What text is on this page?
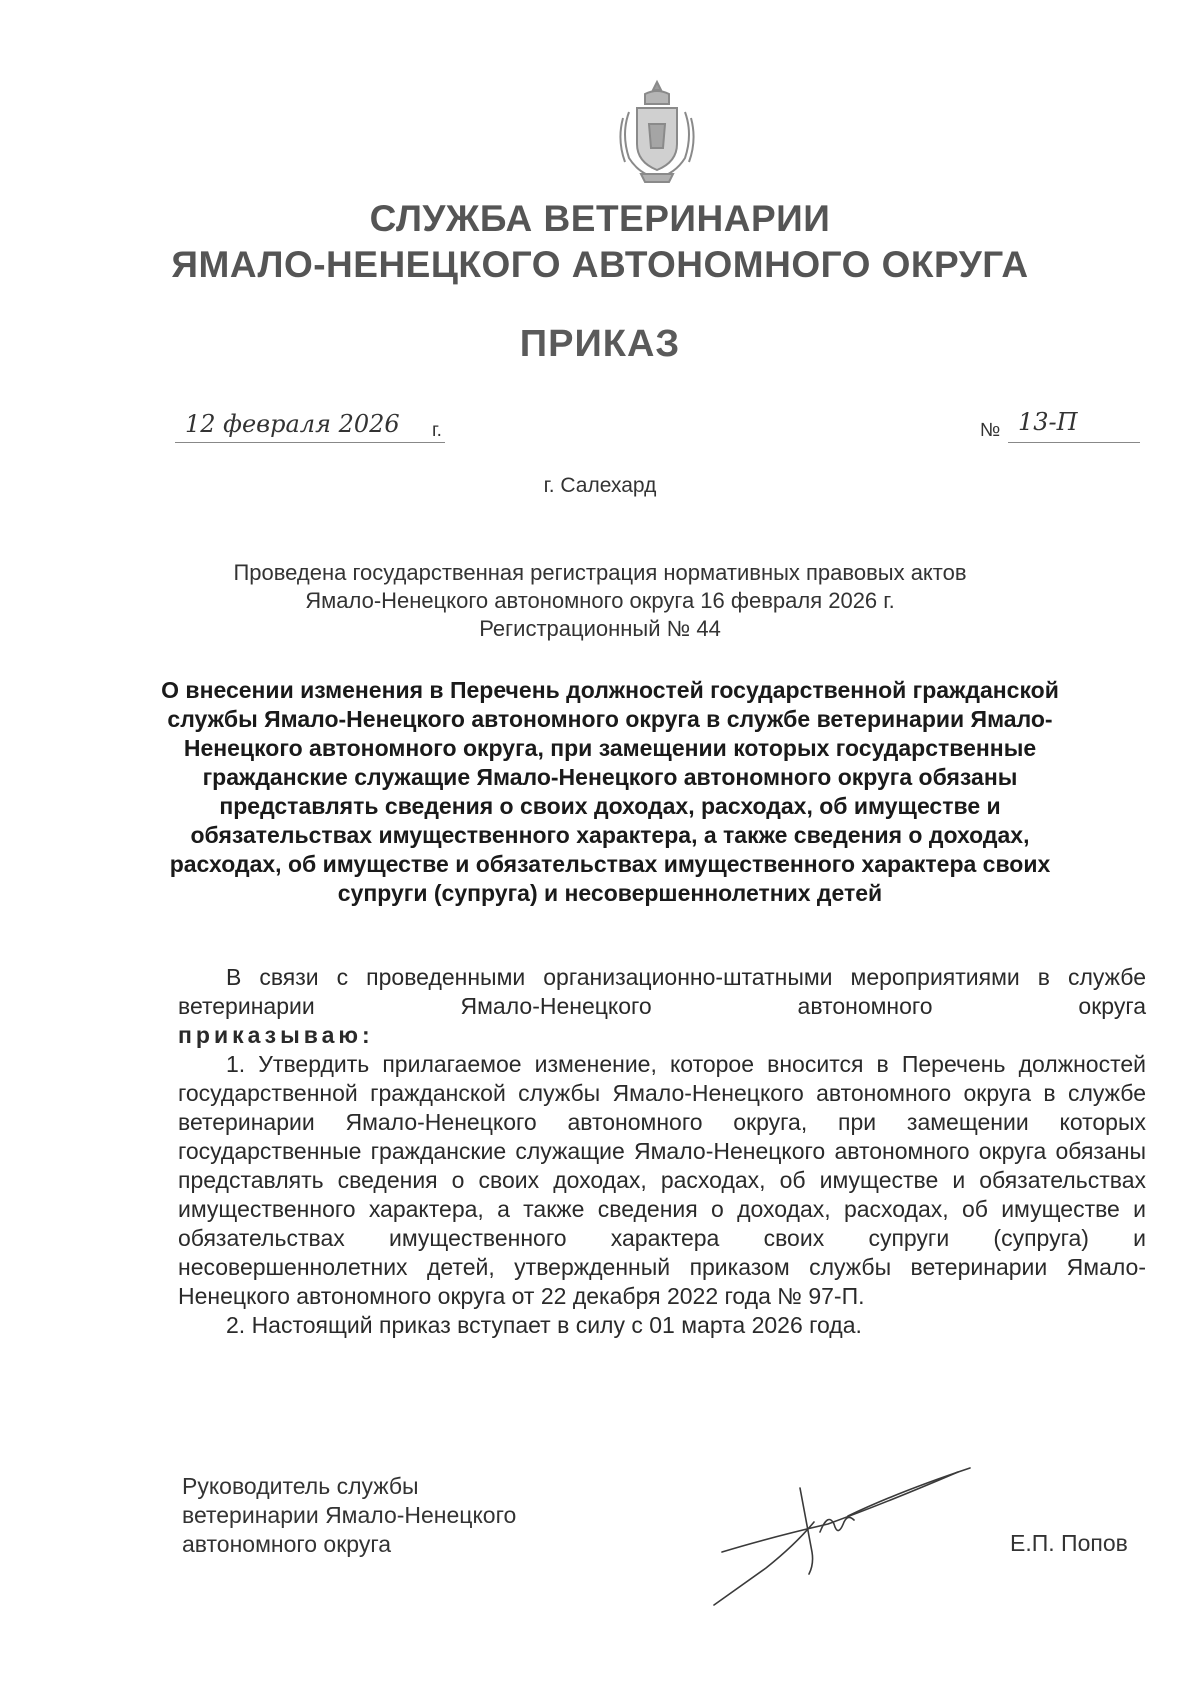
СЛУЖБА ВЕТЕРИНАРИИ
ЯМАЛО-НЕНЕЦКОГО АВТОНОМНОГО ОКРУГА
ПРИКАЗ
12 февраля 2026 г.	№ 13-П
г. Салехард
Проведена государственная регистрация нормативных правовых актов
Ямало-Ненецкого автономного округа 16 февраля 2026 г.
Регистрационный № 44
О внесении изменения в Перечень должностей государственной гражданской службы Ямало-Ненецкого автономного округа в службе ветеринарии Ямало-Ненецкого автономного округа, при замещении которых государственные гражданские служащие Ямало-Ненецкого автономного округа обязаны представлять сведения о своих доходах, расходах, об имуществе и обязательствах имущественного характера, а также сведения о доходах, расходах, об имуществе и обязательствах имущественного характера своих супруги (супруга) и несовершеннолетних детей

В связи с проведенными организационно-штатными мероприятиями в службе ветеринарии Ямало-Ненецкого автономного округа

приказываю:

1. Утвердить прилагаемое изменение, которое вносится в Перечень должностей государственной гражданской службы Ямало-Ненецкого автономного округа в службе ветеринарии Ямало-Ненецкого автономного округа, при замещении которых государственные гражданские служащие Ямало-Ненецкого автономного округа обязаны представлять сведения о своих доходах, расходах, об имуществе и обязательствах имущественного характера, а также сведения о доходах, расходах, об имуществе и обязательствах имущественного характера своих супруги (супруга) и несовершеннолетних детей, утвержденный приказом службы ветеринарии Ямало-Ненецкого автономного округа от 22 декабря 2022 года № 97-П.

2. Настоящий приказ вступает в силу с 01 марта 2026 года.

Руководитель службы
ветеринарии Ямало-Ненецкого
автономного округа	Е.П. Попов
